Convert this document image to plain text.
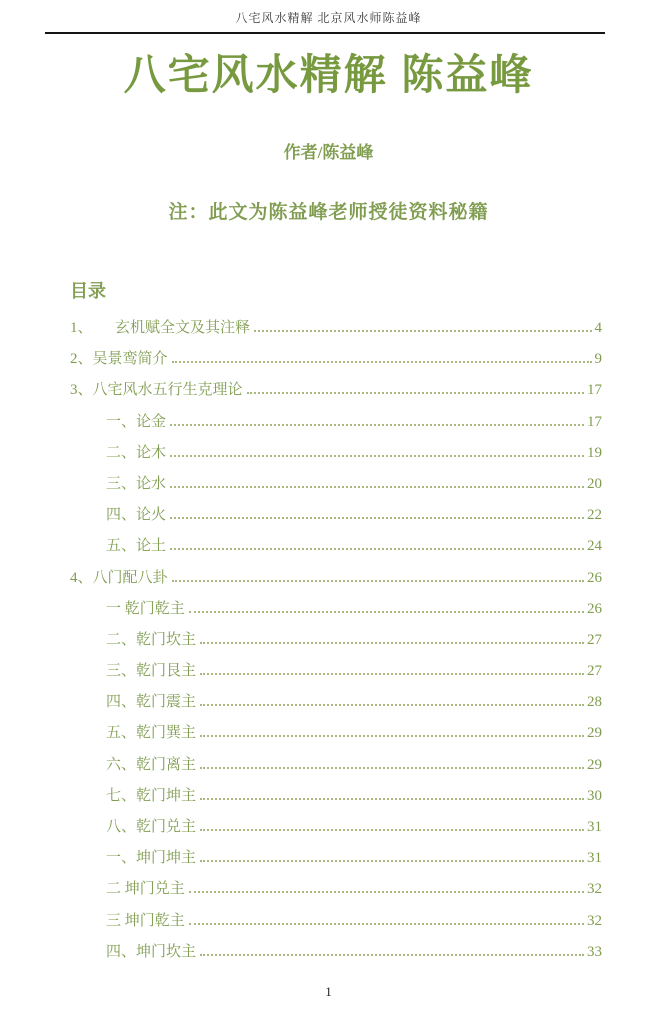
八宅风水精解 北京风水师陈益峰
八宅风水精解 陈益峰
作者/陈益峰
注：此文为陈益峰老师授徒资料秘籍
目录
1、　　玄机赋全文及其注释	4
2、吴景鸾简介	9
3、八宅风水五行生克理论	17
一、论金	17
二、论木	19
三、论水	20
四、论火	22
五、论土	24
4、八门配八卦	26
一 乾门乾主	26
二、乾门坎主	27
三、乾门艮主	27
四、乾门震主	28
五、乾门巽主	29
六、乾门离主	29
七、乾门坤主	30
八、乾门兑主	31
一、坤门坤主	31
二 坤门兑主	32
三 坤门乾主	32
四、坤门坎主	33
1
